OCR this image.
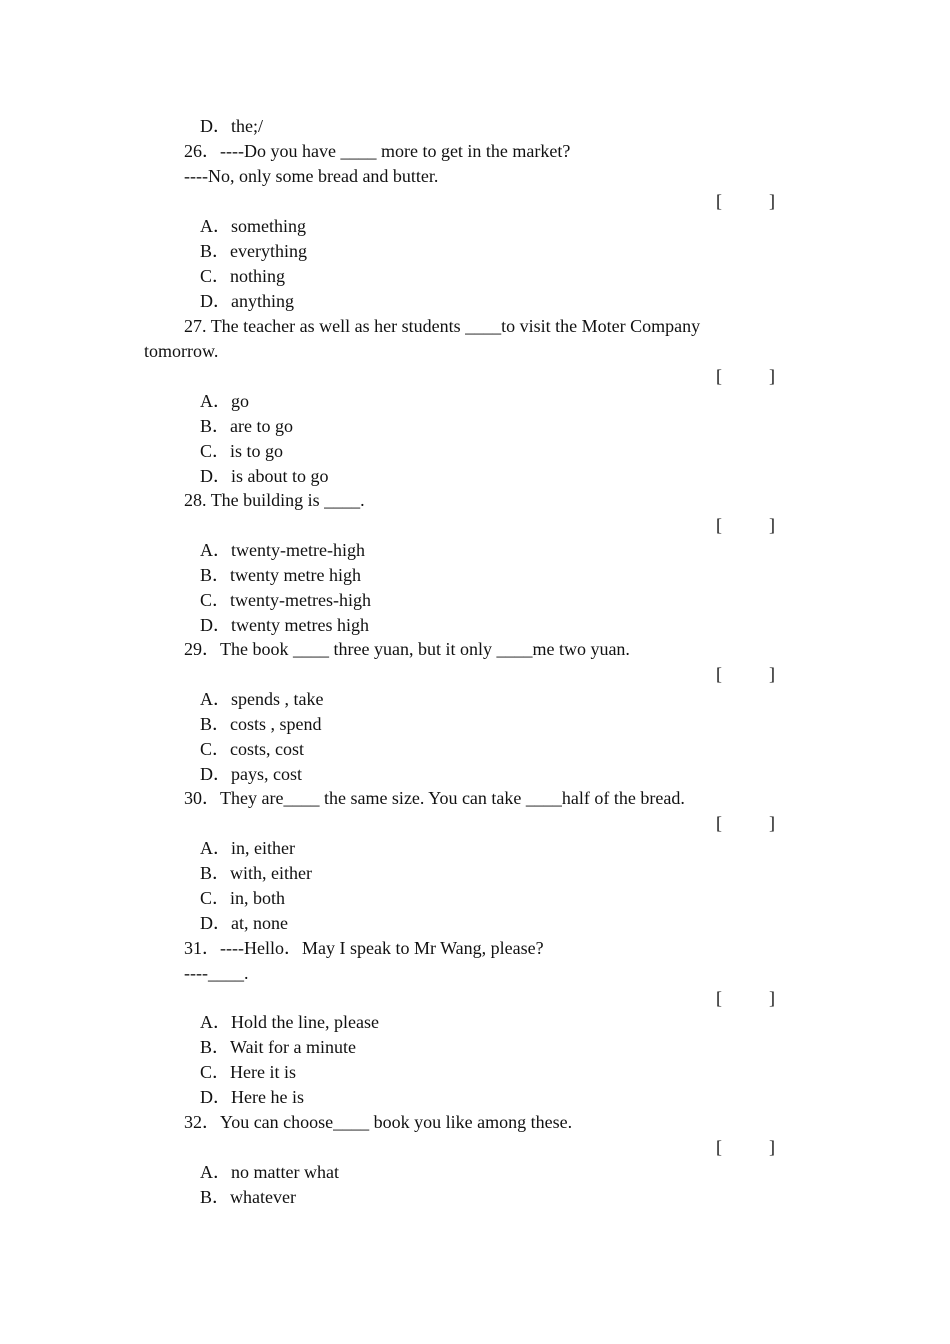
D．the;/
26．----Do you have ____ more to get in the market?
----No, only some bread and butter.
[	]
A．something
B．everything
C．nothing
D．anything
27. The teacher as well as her students ____to visit the Moter Company
tomorrow.
[	]
A．go
B．are to go
C．is to go
D．is about to go
28. The building is ____.
[	]
A．twenty-metre-high
B．twenty metre high
C．twenty-metres-high
D．twenty metres high
29．The book ____ three yuan, but it only ____me two yuan.
[	]
A．spends , take
B．costs , spend
C．costs, cost
D．pays, cost
30．They are____ the same size. You can take ____half of the bread.
[	]
A．in, either
B．with, either
C．in, both
D．at, none
31．----Hello．May I speak to Mr Wang, please?
----____.
[	]
A．Hold the line, please
B．Wait for a minute
C．Here it is
D．Here he is
32．You can choose____ book you like among these.
[	]
A．no matter what
B．whatever
